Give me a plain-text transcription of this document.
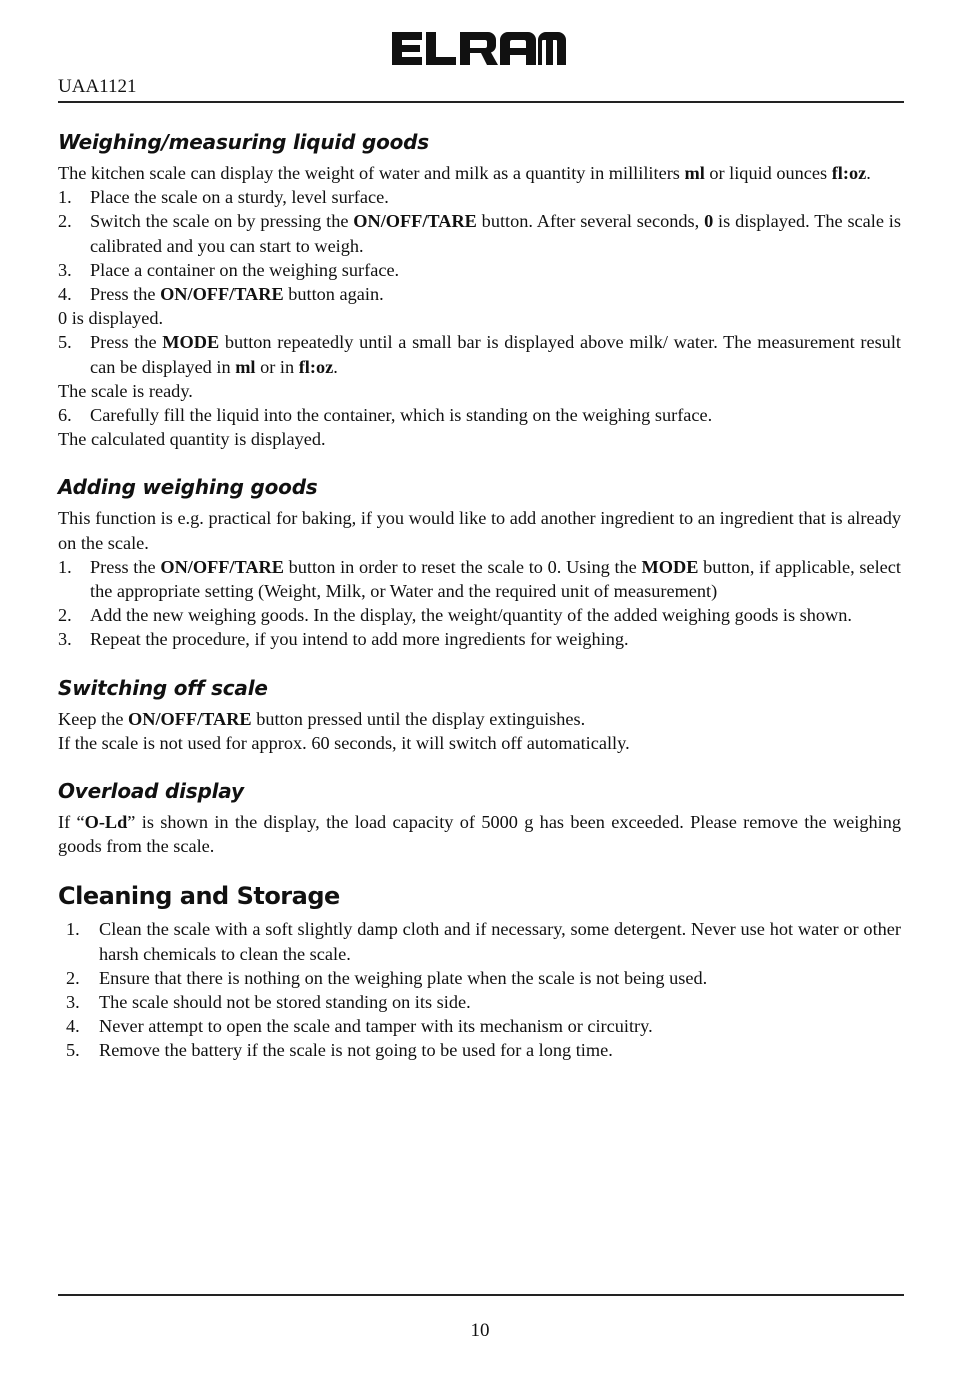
UAA1121
Weighing/measuring liquid goods

The kitchen scale can display the weight of water and milk as a quantity in milliliters ml or liquid ounces fl:oz.

1. Place the scale on a sturdy, level surface.
2. Switch the scale on by pressing the ON/OFF/TARE button. After several seconds, 0 is displayed. The scale is calibrated and you can start to weigh.
3. Place a container on the weighing surface.
4. Press the ON/OFF/TARE button again.

0 is displayed.

5. Press the MODE button repeatedly until a small bar is displayed above milk/ water. The measurement result can be displayed in ml or in fl:oz.

The scale is ready.

6. Carefully fill the liquid into the container, which is standing on the weighing surface.

The calculated quantity is displayed.

Adding weighing goods

This function is e.g. practical for baking, if you would like to add another ingredient to an ingredient that is already on the scale.

1. Press the ON/OFF/TARE button in order to reset the scale to 0. Using the MODE button, if applicable, select the appropriate setting (Weight, Milk, or Water and the required unit of measurement)
2. Add the new weighing goods. In the display, the weight/quantity of the added weighing goods is shown.
3. Repeat the procedure, if you intend to add more ingredients for weighing.
Switching off scale

Keep the ON/OFF/TARE button pressed until the display extinguishes.

If the scale is not used for approx. 60 seconds, it will switch off automatically.

Overload display

If “O-Ld” is shown in the display, the load capacity of 5000 g has been exceeded. Please remove the weighing goods from the scale.

Cleaning and Storage
1.	Clean the scale with a soft slightly damp cloth and if necessary, some detergent. Never use hot water or other harsh chemicals to clean the scale.
2.	Ensure that there is nothing on the weighing plate when the scale is not being used.
3.	The scale should not be stored standing on its side.
4.	Never attempt to open the scale and tamper with its mechanism or circuitry.
5.	Remove the battery if the scale is not going to be used for a long time.
10
